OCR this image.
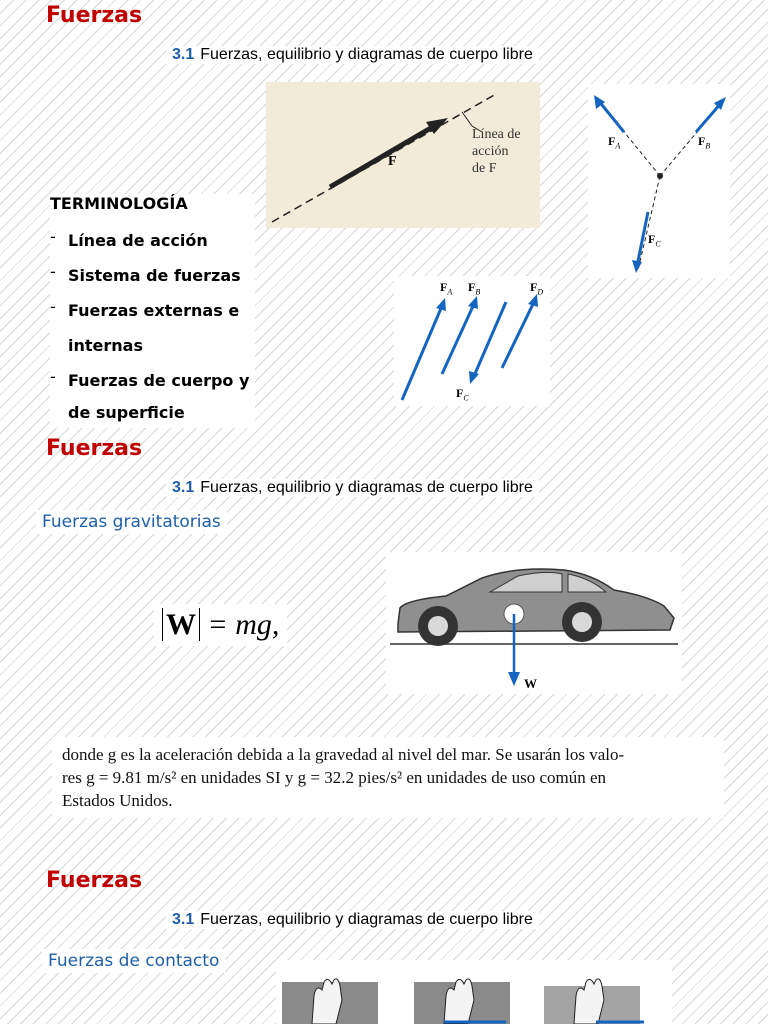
Fuerzas
3.1 Fuerzas, equilibrio y diagramas de cuerpo libre
F
Línea de
acción
de F
$F_A$	$F_B$
$F_C$
TERMINOLOGÍA
- Línea de acción
- Sistema de fuerzas
- Fuerzas externas e
internas
- Fuerzas de cuerpo y
de superficie
$F_A$ $F_B$	$F_D$
$F_C$
Fuerzas
3.1 Fuerzas, equilibrio y diagramas de cuerpo libre
Fuerzas gravitatorias
W = mg,
W
donde g es la aceleración debida a la gravedad al nivel del mar. Se usarán los valo-
res g = 9.81 m/s² en unidades SI y g = 32.2 pies/s² en unidades de uso común en
Estados Unidos.
Fuerzas
3.1 Fuerzas, equilibrio y diagramas de cuerpo libre
Fuerzas de contacto
